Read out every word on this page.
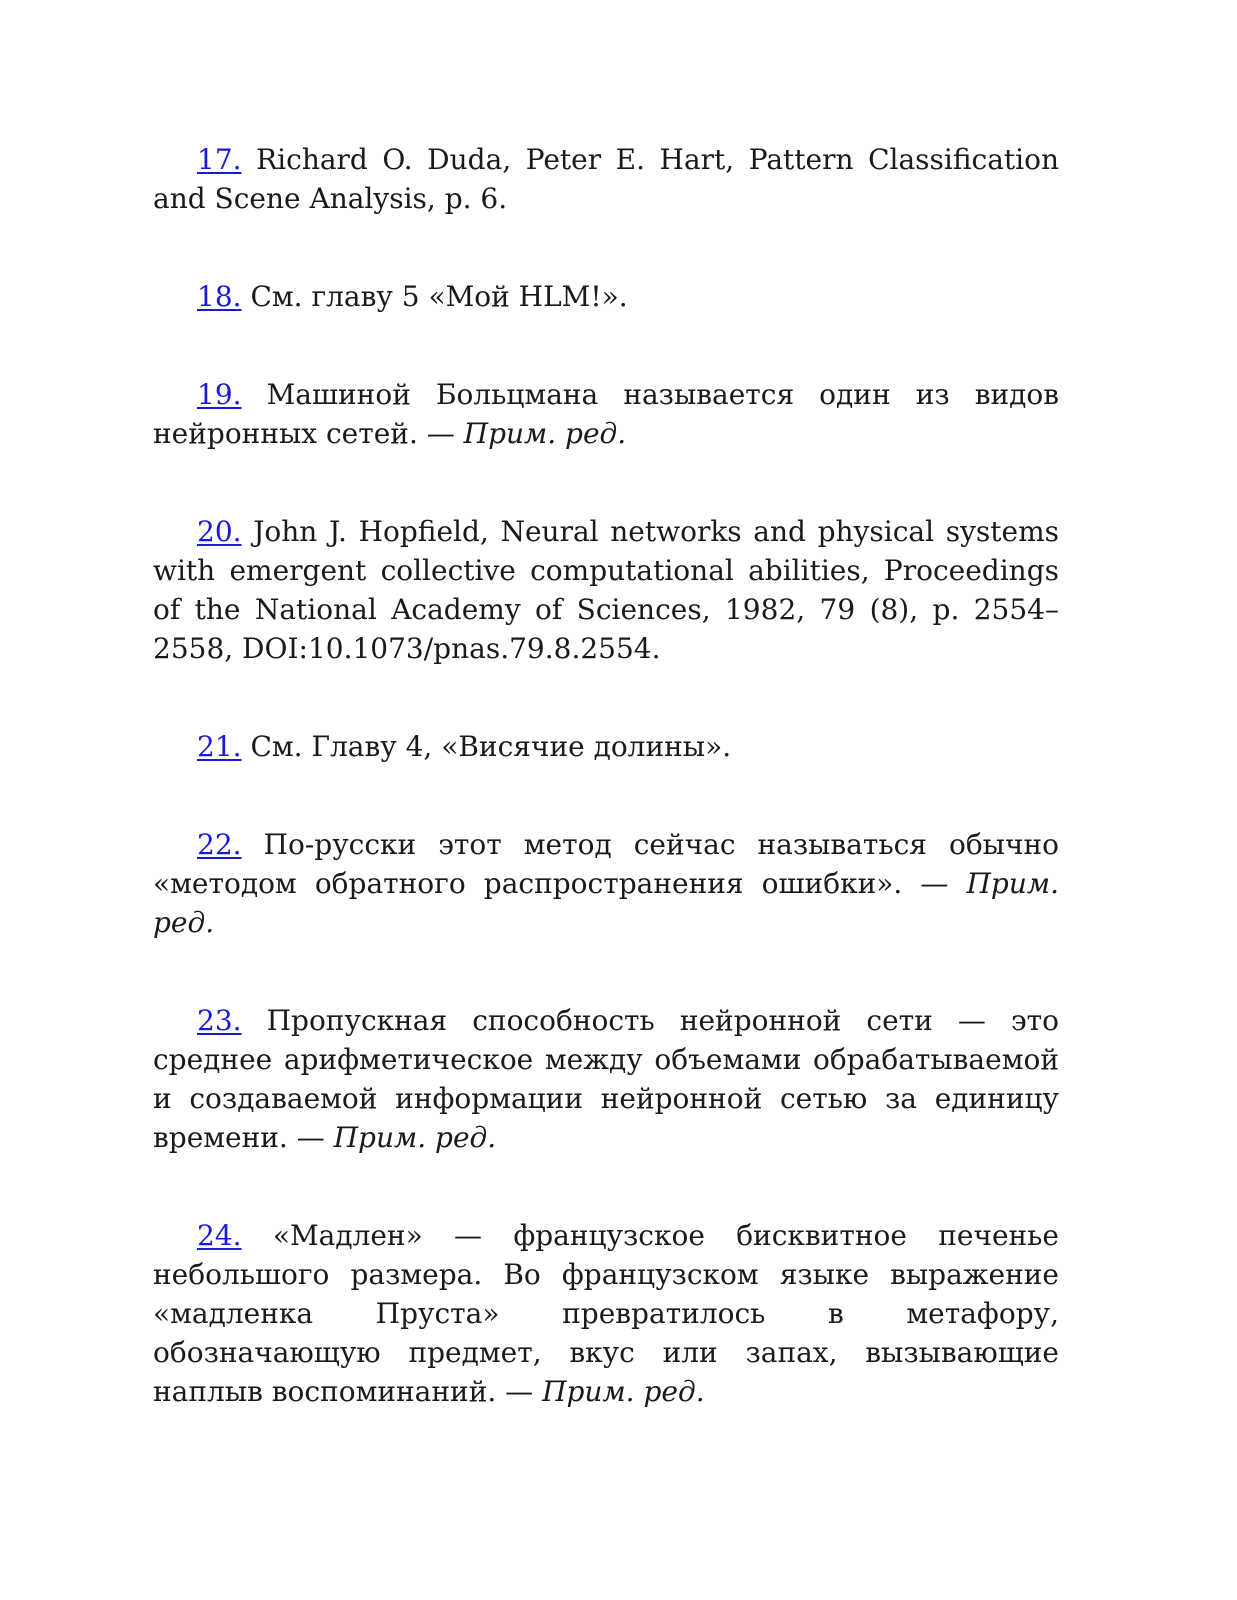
17. Richard O. Duda, Peter E. Hart, Pattern Classification and Scene Analysis, p. 6.

18. См. главу 5 «Мой HLM!».

19. Машиной Больцмана называется один из видов нейронных сетей. — Прим. ред.

20. John J. Hopfield, Neural networks and physical systems with emergent collective computational abilities, Proceedings of the National Academy of Sciences, 1982, 79 (8), p. 2554–2558, DOI:10.1073/pnas.79.8.2554.

21. См. Главу 4, «Висячие долины».

22. По-русски этот метод сейчас называться обычно «методом обратного распространения ошибки». — Прим. ред.

23. Пропускная способность нейронной сети — это среднее арифметическое между объемами обрабатываемой и создаваемой информации нейронной сетью за единицу времени. — Прим. ред.

24. «Мадлен» — французское бисквитное печенье небольшого размера. Во французском языке выражение «мадленка Пруста» превратилось в метафору, обозначающую предмет, вкус или запах, вызывающие наплыв воспоминаний. — Прим. ред.
